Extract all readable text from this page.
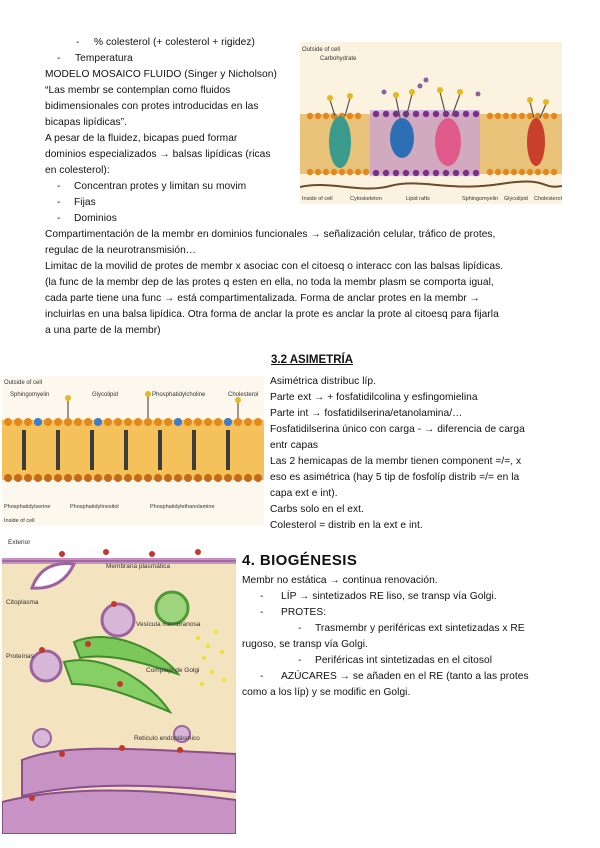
- % colesterol (+ colesterol + rigidez)
- Temperatura
MODELO MOSAICO FLUIDO (Singer y Nicholson)
“Las membr se contemplan como fluidos
bidimensionales con protes introducidas en las
bicapas lipídicas”.
A pesar de la fluidez, bicapas pued formar
dominios especializados → balsas lipídicas (ricas
en colesterol):
- Concentran protes y limitan su movim
- Fijas
- Dominios
Compartimentación de la membr en dominios funcionales → señalización celular, tráfico de protes,
regulac de la neurotransmisión…
Limitac de la movilid de protes de membr x asociac con el citoesq o interacc con las balsas lipídicas.
(la func de la membr dep de las protes q esten en ella, no toda la membr plasm se comporta igual,
cada parte tiene una func → está compartimentalizada. Forma de anclar protes en la membr →
incluirlas en una balsa lipídica. Otra forma de anclar la prote es anclar la prote al citoesq para fijarla
a una parte de la membr)
Outside of cell
Carbohydrate
Inside of cell	Cytoskeleton	Lipid rafts	Sphingomyelin Glycolipid Cholesterol
Outside of cell
Sphingomyelin	Glycolipid	Phosphatidylcholine	Cholesterol
Phosphatidylserine	Phosphatidylinositol	Phosphatidylethanolamine
Inside of cell
3.2 ASIMETRÍA
Asimétrica distribuc líp.
Parte ext → + fosfatidilcolina y esfingomielina
Parte int → fosfatidilserina/etanolamina/…
Fosfatidilserina único con carga - → diferencia de carga
entr capas
Las 2 hemicapas de la membr tienen component =/=, x
eso es asimétrica (hay 5 tip de fosfolíp distrib =/= en la
capa ext e int).
Carbs solo en el ext.
Colesterol = distrib en la ext e int.
Exterior
Membrana plasmática
Citoplasma
Vesícula membranosa
Proteínas
Complejo de Golgi
Retículo endoplásmico
4. BIOGÉNESIS
Membr no estática → continua renovación.
- LÍP → sintetizados RE liso, se transp vía Golgi.
- PROTES:
- Trasmembr y periféricas ext sintetizadas x RE
rugoso, se transp vía Golgi.
- Periféricas int sintetizadas en el citosol
- AZÚCARES → se añaden en el RE (tanto a las protes
como a los líp) y se modific en Golgi.
